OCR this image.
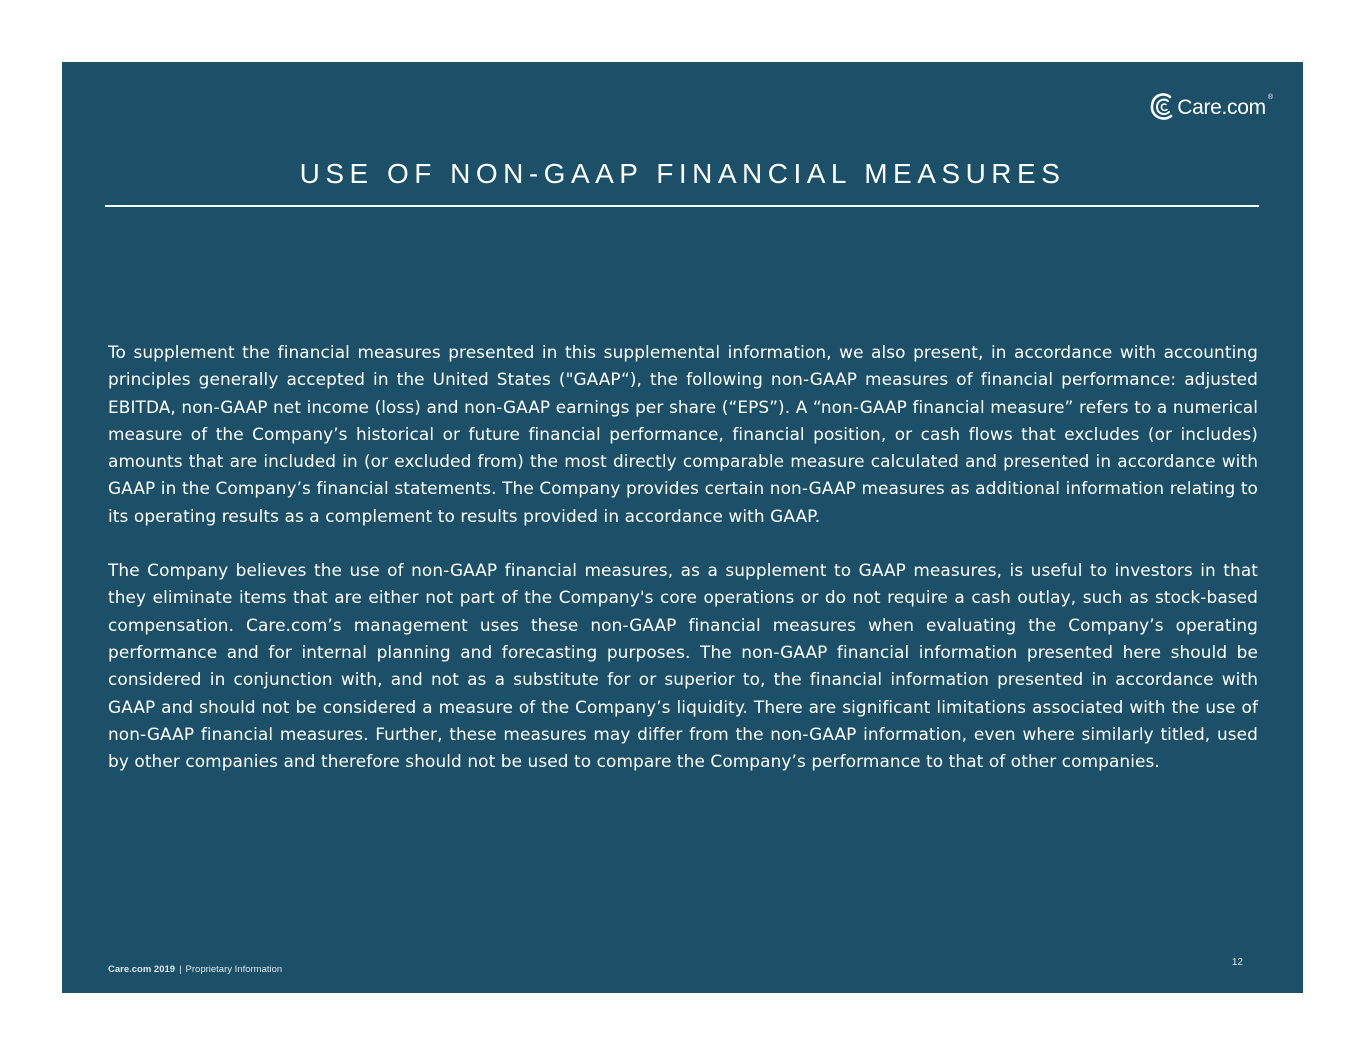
Care.com ®
USE OF NON-GAAP FINANCIAL MEASURES

To supplement the financial measures presented in this supplemental information, we also present, in accordance with accounting principles generally accepted in the United States ("GAAP“), the following non-GAAP measures of financial performance: adjusted EBITDA, non-GAAP net income (loss) and non-GAAP earnings per share (“EPS”). A “non-GAAP financial measure” refers to a numerical measure of the Company’s historical or future financial performance, financial position, or cash flows that excludes (or includes) amounts that are included in (or excluded from) the most directly comparable measure calculated and presented in accordance with GAAP in the Company’s financial statements. The Company provides certain non-GAAP measures as additional information relating to its operating results as a complement to results provided in accordance with GAAP.

The Company believes the use of non-GAAP financial measures, as a supplement to GAAP measures, is useful to investors in that they eliminate items that are either not part of the Company's core operations or do not require a cash outlay, such as stock-based compensation. Care.com’s management uses these non-GAAP financial measures when evaluating the Company’s operating performance and for internal planning and forecasting purposes. The non-GAAP financial information presented here should be considered in conjunction with, and not as a substitute for or superior to, the financial information presented in accordance with GAAP and should not be considered a measure of the Company’s liquidity. There are significant limitations associated with the use of non-GAAP financial measures. Further, these measures may differ from the non-GAAP information, even where similarly titled, used by other companies and therefore should not be used to compare the Company’s performance to that of other companies.

Care.com 2019 | Proprietary Information
12
